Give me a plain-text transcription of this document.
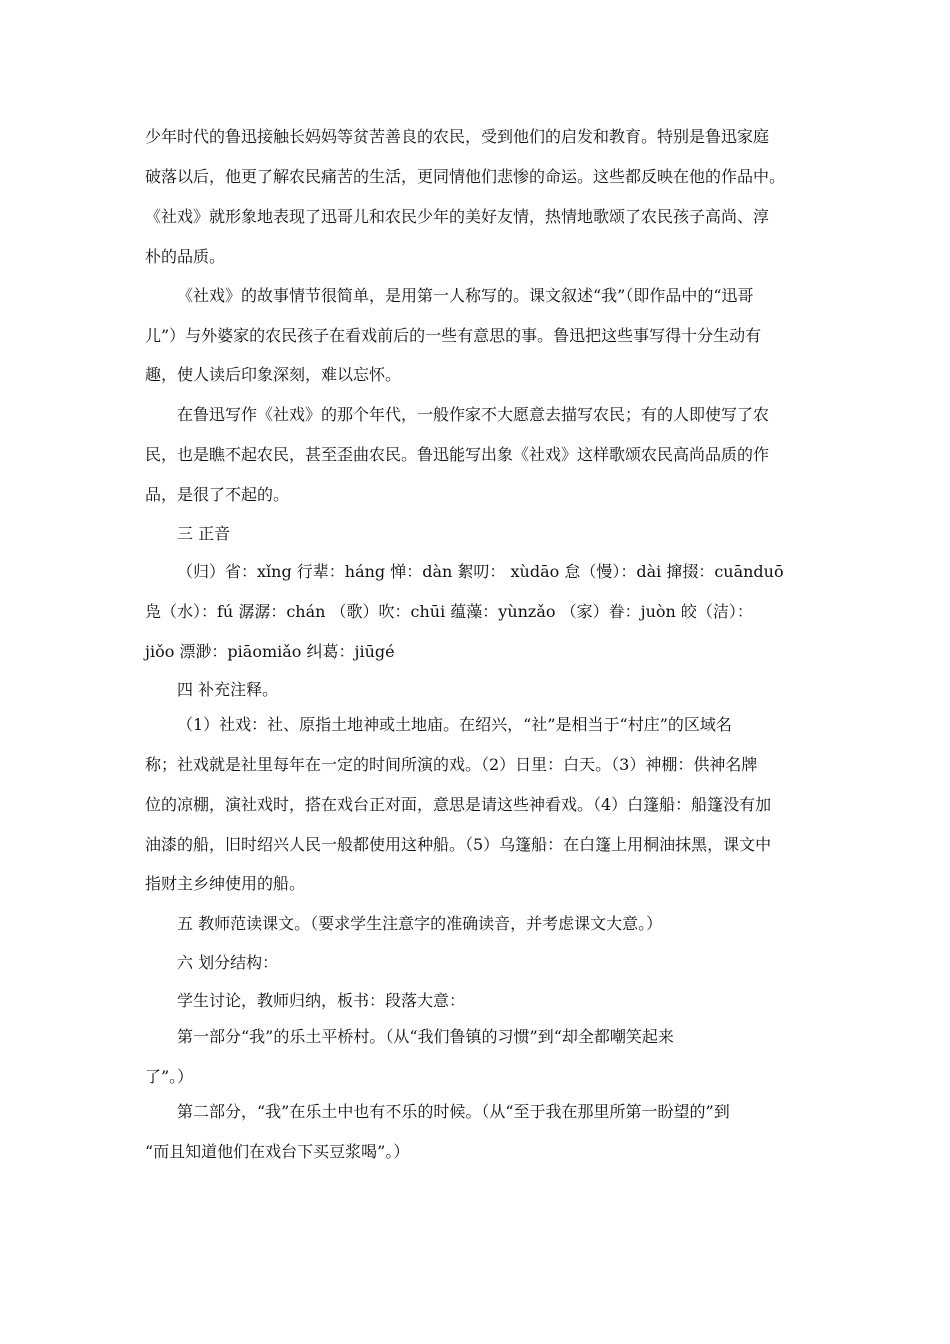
少年时代的鲁迅接触长妈妈等贫苦善良的农民，受到他们的启发和教育。特别是鲁迅家庭

破落以后，他更了解农民痛苦的生活，更同情他们悲惨的命运。这些都反映在他的作品中。

《社戏》就形象地表现了迅哥儿和农民少年的美好友情，热情地歌颂了农民孩子高尚、淳

朴的品质。

《社戏》的故事情节很简单，是用第一人称写的。课文叙述“我”（即作品中的“迅哥

儿”）与外婆家的农民孩子在看戏前后的一些有意思的事。鲁迅把这些事写得十分生动有

趣，使人读后印象深刻，难以忘怀。

在鲁迅写作《社戏》的那个年代，一般作家不大愿意去描写农民；有的人即使写了农

民，也是瞧不起农民，甚至歪曲农民。鲁迅能写出象《社戏》这样歌颂农民高尚品质的作

品，是很了不起的。

三 正音

（归）省：xǐng 行辈：háng 惮：dàn 絮叨： xùdāo 怠（慢）：dài 撺掇：cuānduō

凫（水）：fú 潺潺：chán （歌）吹：chūi 蕴藻：yùnzǎo （家）眷：juòn 皎（洁）：

jiǒo 漂渺：piāomiǎo 纠葛：jiūgé

四 补充注释。

（1）社戏：社、原指土地神或土地庙。在绍兴，“社”是相当于“村庄”的区域名

称；社戏就是社里每年在一定的时间所演的戏。（2）日里：白天。（3）神棚：供神名牌

位的凉棚，演社戏时，搭在戏台正对面，意思是请这些神看戏。（4）白篷船：船篷没有加

油漆的船，旧时绍兴人民一般都使用这种船。（5）乌篷船：在白篷上用桐油抹黑，课文中

指财主乡绅使用的船。

五 教师范读课文。（要求学生注意字的准确读音，并考虑课文大意。）

六 划分结构：

学生讨论，教师归纳，板书：段落大意：

第一部分“我”的乐土平桥村。（从“我们鲁镇的习惯”到“却全都嘲笑起来

了”。）

第二部分，“我”在乐土中也有不乐的时候。（从“至于我在那里所第一盼望的”到

“而且知道他们在戏台下买豆浆喝”。）
